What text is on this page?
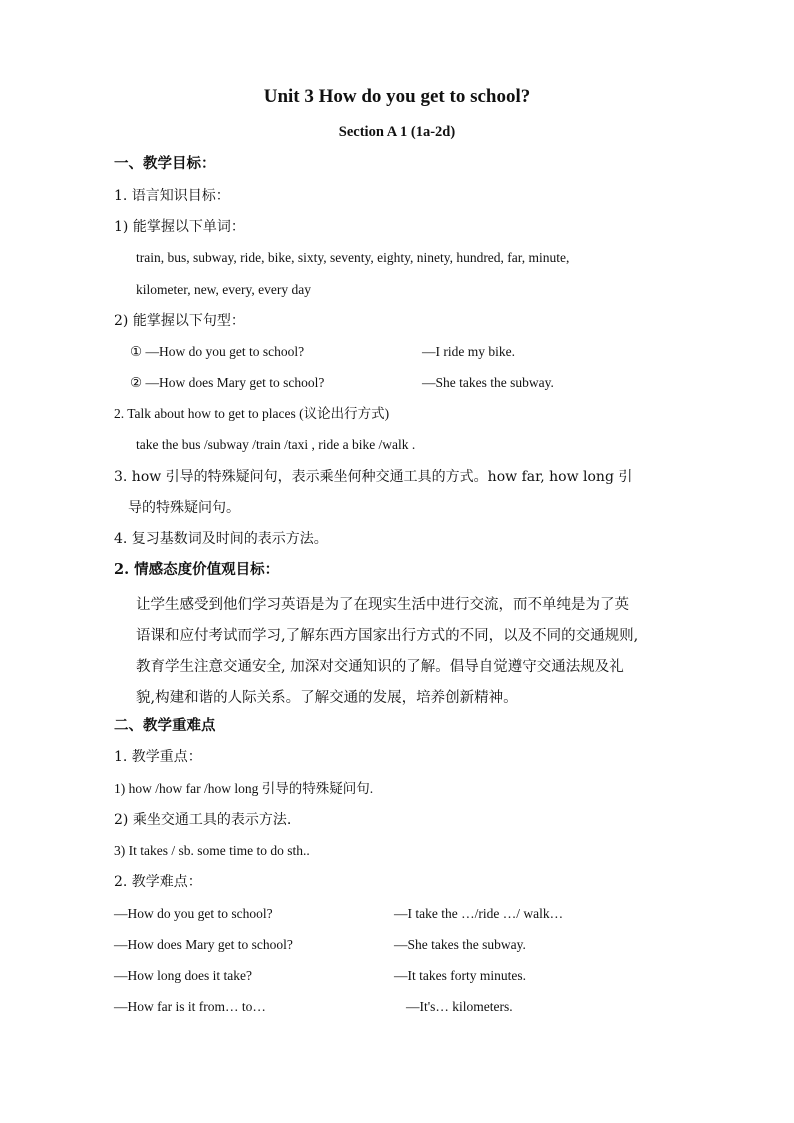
Unit 3 How do you get to school?
Section A 1 (1a-2d)
一、教学目标：
1. 语言知识目标：
1) 能掌握以下单词：
train, bus, subway, ride, bike, sixty, seventy, eighty, ninety, hundred, far, minute,
kilometer, new, every, every day
2) 能掌握以下句型：
① —How do you get to school?	—I ride my bike.
② —How does Mary get to school?	—She takes the subway.
2. Talk about how to get to places (议论出行方式)
take the bus /subway /train /taxi , ride a bike /walk .
3. how 引导的特殊疑问句，表示乘坐何种交通工具的方式。how far, how long 引
导的特殊疑问句。
4. 复习基数词及时间的表示方法。
2. 情感态度价值观目标：
让学生感受到他们学习英语是为了在现实生活中进行交流，而不单纯是为了英
语课和应付考试而学习,了解东西方国家出行方式的不同，以及不同的交通规则,
教育学生注意交通安全, 加深对交通知识的了解。倡导自觉遵守交通法规及礼
貌,构建和谐的人际关系。了解交通的发展，培养创新精神。
二、教学重难点
1. 教学重点：
1) how /how far /how long 引导的特殊疑问句.
2) 乘坐交通工具的表示方法.
3) It takes / sb. some time to do sth..
2. 教学难点：
—How do you get to school?	—I take the …/ride …/ walk…
—How does Mary get to school?	—She takes the subway.
—How long does it take?	—It takes forty minutes.
—How far is it from… to…	—It's… kilometers.
